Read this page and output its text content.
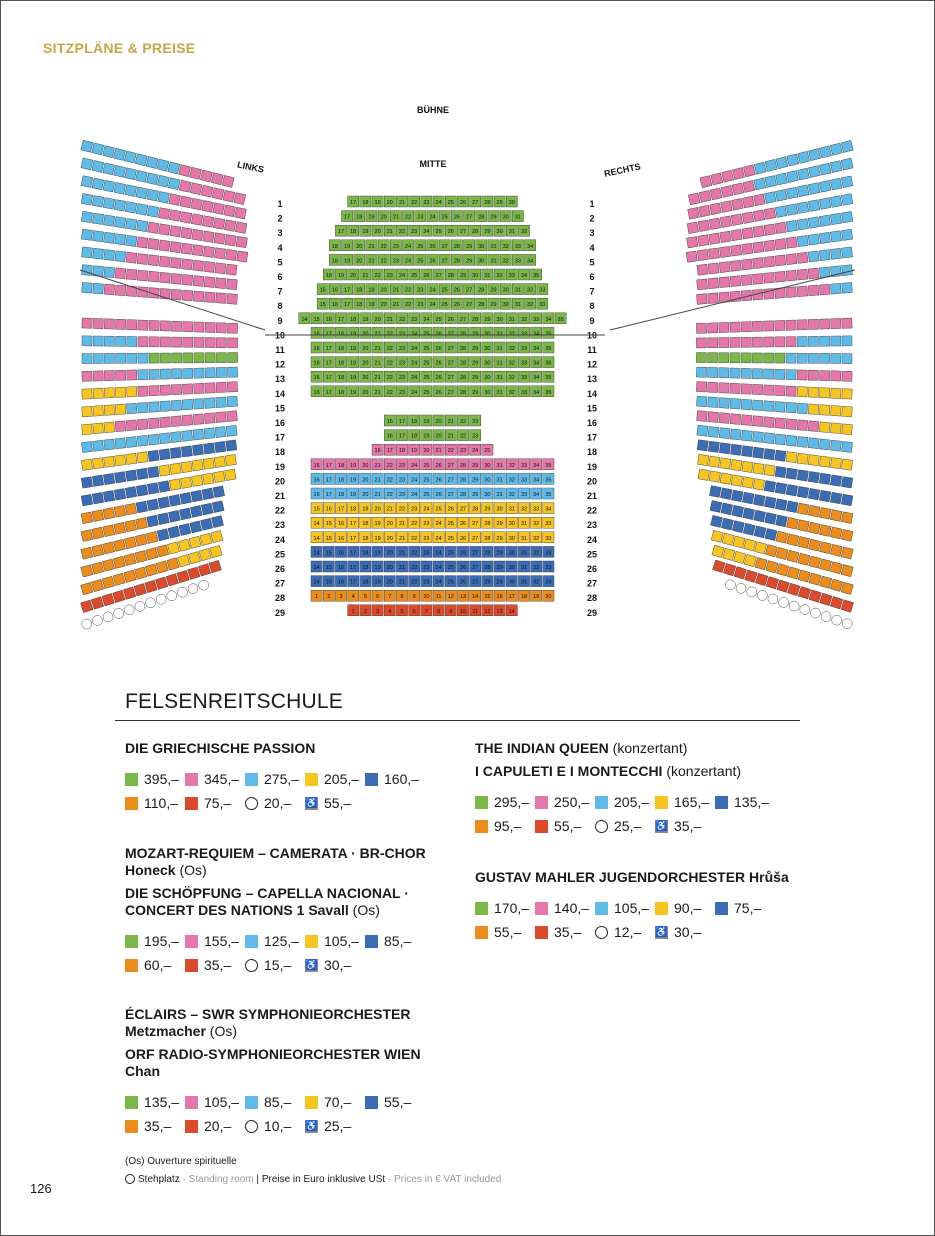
SITZPLÄNE & PREISE
BÜHNE
MITTE
LINKS	RECHTS
1	1
17 18 19 20 21 22 23 24 25 26 27 28 29 30
2	2
17 18 19 20 21 22 23 24 25 26 27 28 29 30 31
3	3
17 18 19 20 21 22 23 24 25 26 27 28 29 30 31 32
4	4
18 19 20 21 22 23 24 25 26 27 28 29 30 31 32 33 34
5	5
18 19 20 21 22 23 24 25 26 27 28 29 30 31 32 33 34
6	6
18 19 20 21 22 23 24 25 26 27 28 29 30 31 32 33 34 35
7	7
15 16 17 18 19 20 21 22 23 24 25 26 27 28 29 30 31 32 33
8	8
15 16 17 18 19 20 21 22 23 24 25 26 27 28 29 30 31 32 33
9	9
14 15 16 17 18 19 20 21 22 23 24 25 26 27 28 29 30 31 32 33 34 35
10	10
16 17 18 19 20 21 22 23 24 25 26 27 28 29 30 31 32 33 34 35
11	11
16 17 18 19 20 21 22 23 24 25 26 27 28 29 30 31 32 33 34 35
12	12
16 17 18 19 20 21 22 23 24 25 26 27 28 29 30 31 32 33 34 35
13	13
16 17 18 19 20 21 22 23 24 25 26 27 28 29 30 31 32 33 34 35
14	14
16 17 18 19 20 21 22 23 24 25 26 27 28 29 30 31 32 33 34 35
15	15
16	16
16 17 18 19 20 21 22 23
17	17
16 17 18 19 20 21 22 23
18	18
16 17 18 19 20 21 22 23 24 25
19	19
16 17 18 19 20 21 22 23 24 25 26 27 28 29 30 31 32 33 34 35
20	20
16 17 18 19 20 21 22 23 24 25 26 27 28 29 30 31 32 33 34 35
21	21
16 17 18 19 20 21 22 23 24 25 26 27 28 29 30 31 32 33 34 35
22	22
15 16 17 18 19 20 21 22 23 24 25 26 27 28 29 30 31 32 33 34
23	23
14 15 16 17 18 19 20 21 22 23 24 25 26 27 28 29 30 31 32 33
24	24
14 15 16 17 18 19 20 21 22 23 24 25 26 27 28 29 30 31 32 33
25	25
14 15 16 17 18 19 20 21 22 23 24 25 26 27 28 29 30 31 32 33
26	26
14 15 16 17 18 19 20 21 22 23 24 25 26 27 28 29 30 31 32 33
27	27
14 15 16 17 18 19 20 21 22 23 24 25 26 27 28 29 30 31 32 33
28	28
1 2 3 4 5 6 7 8 9 10 11 12 13 14 15 16 17 18 19 20
29	29
1 2 3 4 5 6 7 8 9 10 11 12 13 14
FELSENREITSCHULE
DIE GRIECHISCHE PASSION
395,– 345,– 275,– 205,– 160,–
110,– 75,– 20,– ♿ 55,–
MOZART-REQUIEM – CAMERATA · BR-CHOR Honeck (Os)
DIE SCHÖPFUNG – CAPELLA NACIONAL · CONCERT DES NATIONS 1 Savall (Os)
195,– 155,– 125,– 105,– 85,–
60,– 35,– 15,– ♿ 30,–
ÉCLAIRS – SWR SYMPHONIEORCHESTER Metzmacher (Os)
ORF RADIO-SYMPHONIEORCHESTER WIEN Chan
135,– 105,– 85,– 70,– 55,–
35,– 20,– 10,– ♿ 25,–
THE INDIAN QUEEN (konzertant)
I CAPULETI E I MONTECCHI (konzertant)
295,– 250,– 205,– 165,– 135,–
95,– 55,– 25,– ♿ 35,–
GUSTAV MAHLER JUGENDORCHESTER Hrůša
170,– 140,– 105,– 90,– 75,–
55,– 35,– 12,– ♿ 30,–
(Os) Ouverture spirituelle
Stehplatz · Standing room | Preise in Euro inklusive USt · Prices in € VAT included
126
